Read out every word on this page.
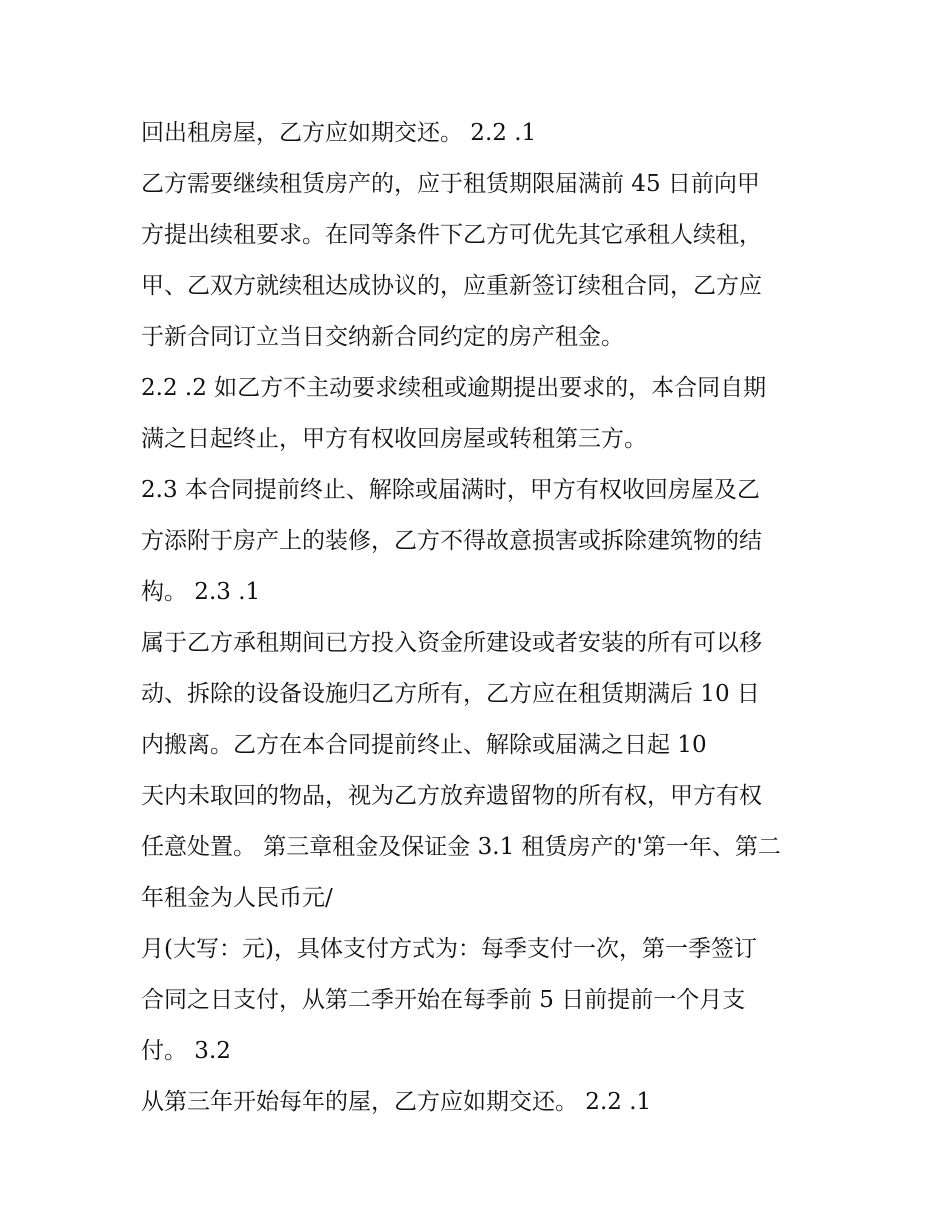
回出租房屋，乙方应如期交还。 2.2 .1
乙方需要继续租赁房产的，应于租赁期限届满前 45 日前向甲
方提出续租要求。在同等条件下乙方可优先其它承租人续租，
甲、乙双方就续租达成协议的，应重新签订续租合同，乙方应
于新合同订立当日交纳新合同约定的房产租金。
2.2 .2 如乙方不主动要求续租或逾期提出要求的，本合同自期
满之日起终止，甲方有权收回房屋或转租第三方。
2.3 本合同提前终止、解除或届满时，甲方有权收回房屋及乙
方添附于房产上的装修，乙方不得故意损害或拆除建筑物的结
构。 2.3 .1
属于乙方承租期间已方投入资金所建设或者安装的所有可以移
动、拆除的设备设施归乙方所有，乙方应在租赁期满后 10 日
内搬离。乙方在本合同提前终止、解除或届满之日起 10
天内未取回的物品，视为乙方放弃遗留物的所有权，甲方有权
任意处置。 第三章租金及保证金 3.1 租赁房产的'第一年、第二
年租金为人民币元/
月(大写：元)，具体支付方式为：每季支付一次，第一季签订
合同之日支付，从第二季开始在每季前 5 日前提前一个月支
付。 3.2
从第三年开始每年的屋，乙方应如期交还。 2.2 .1
